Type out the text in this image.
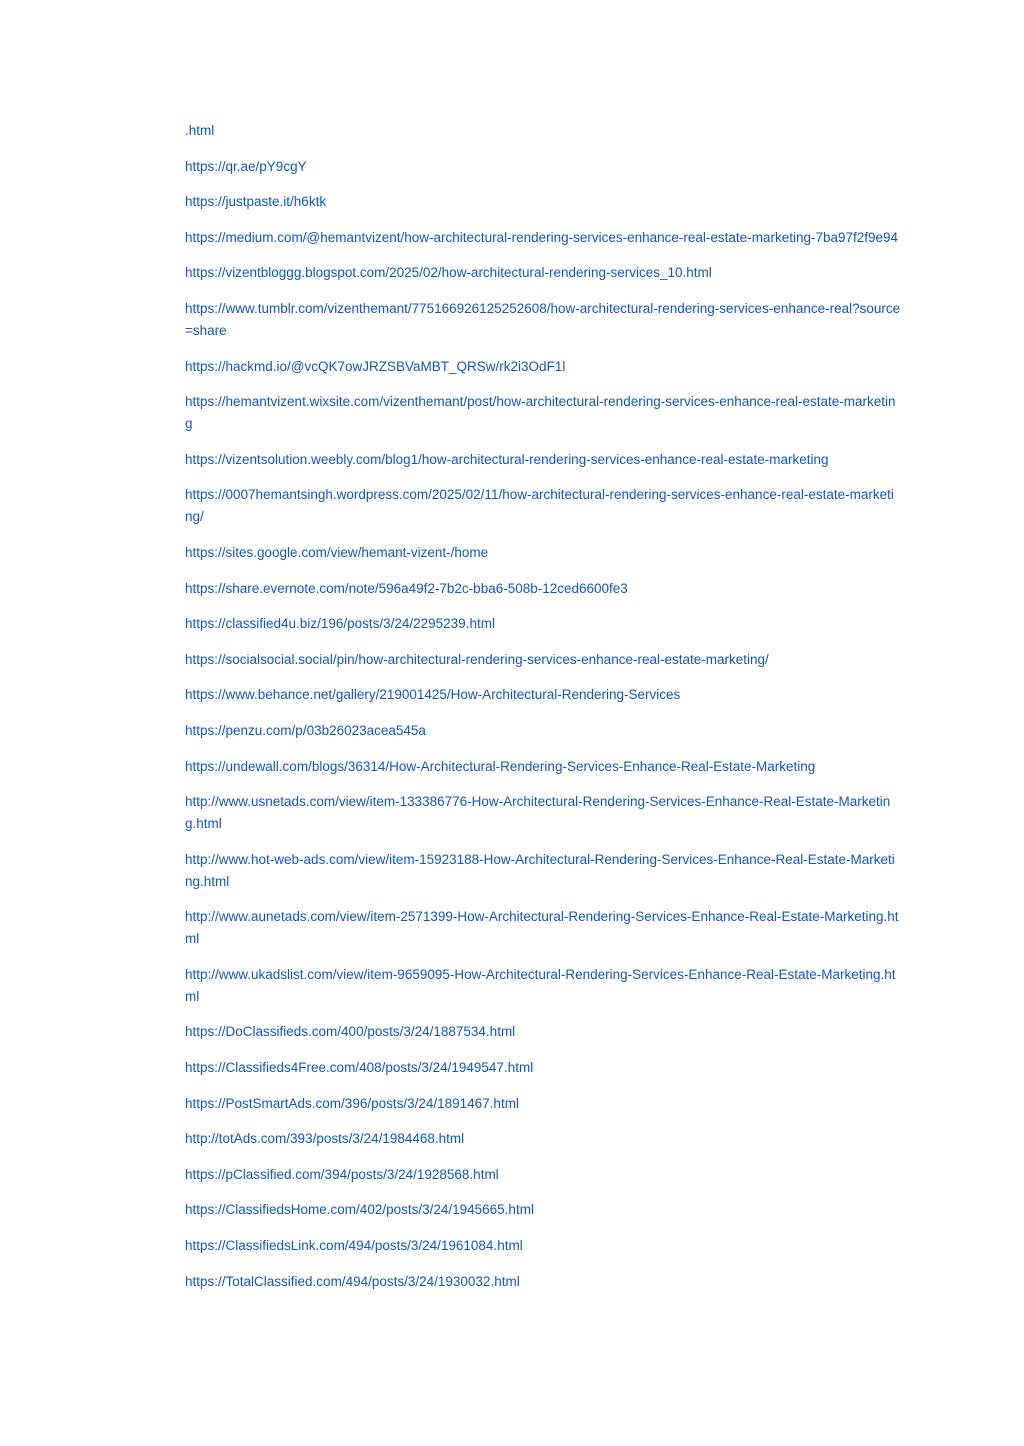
.html
https://qr.ae/pY9cgY
https://justpaste.it/h6ktk
https://medium.com/@hemantvizent/how-architectural-rendering-services-enhance-real-estate-marketing-7ba97f2f9e94
https://vizentbloggg.blogspot.com/2025/02/how-architectural-rendering-services_10.html
https://www.tumblr.com/vizenthemant/775166926125252608/how-architectural-rendering-services-enhance-real?source=share
https://hackmd.io/@vcQK7owJRZSBVaMBT_QRSw/rk2i3OdF1l
https://hemantvizent.wixsite.com/vizenthemant/post/how-architectural-rendering-services-enhance-real-estate-marketing
https://vizentsolution.weebly.com/blog1/how-architectural-rendering-services-enhance-real-estate-marketing
https://0007hemantsingh.wordpress.com/2025/02/11/how-architectural-rendering-services-enhance-real-estate-marketing/
https://sites.google.com/view/hemant-vizent-/home
https://share.evernote.com/note/596a49f2-7b2c-bba6-508b-12ced6600fe3
https://classified4u.biz/196/posts/3/24/2295239.html
https://socialsocial.social/pin/how-architectural-rendering-services-enhance-real-estate-marketing/
https://www.behance.net/gallery/219001425/How-Architectural-Rendering-Services
https://penzu.com/p/03b26023acea545a
https://undewall.com/blogs/36314/How-Architectural-Rendering-Services-Enhance-Real-Estate-Marketing
http://www.usnetads.com/view/item-133386776-How-Architectural-Rendering-Services-Enhance-Real-Estate-Marketing.html
http://www.hot-web-ads.com/view/item-15923188-How-Architectural-Rendering-Services-Enhance-Real-Estate-Marketing.html
http://www.aunetads.com/view/item-2571399-How-Architectural-Rendering-Services-Enhance-Real-Estate-Marketing.html
http://www.ukadslist.com/view/item-9659095-How-Architectural-Rendering-Services-Enhance-Real-Estate-Marketing.html
https://DoClassifieds.com/400/posts/3/24/1887534.html
https://Classifieds4Free.com/408/posts/3/24/1949547.html
https://PostSmartAds.com/396/posts/3/24/1891467.html
http://totAds.com/393/posts/3/24/1984468.html
https://pClassified.com/394/posts/3/24/1928568.html
https://ClassifiedsHome.com/402/posts/3/24/1945665.html
https://ClassifiedsLink.com/494/posts/3/24/1961084.html
https://TotalClassified.com/494/posts/3/24/1930032.html
